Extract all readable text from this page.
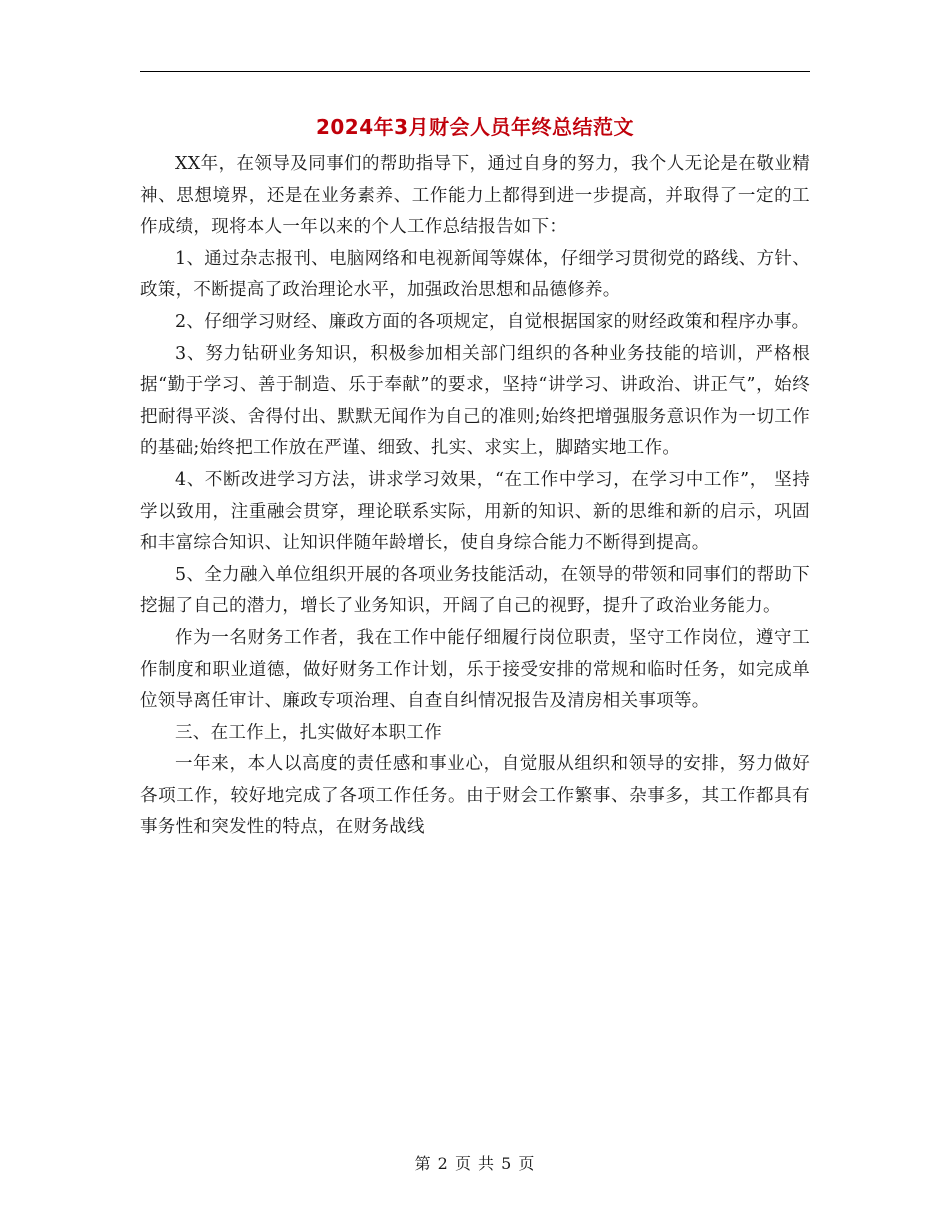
2024年3月财会人员年终总结范文

XX年，在领导及同事们的帮助指导下，通过自身的努力，我个人无论是在敬业精神、思想境界，还是在业务素养、工作能力上都得到进一步提高，并取得了一定的工作成绩，现将本人一年以来的个人工作总结报告如下：

1、通过杂志报刊、电脑网络和电视新闻等媒体，仔细学习贯彻党的路线、方针、政策，不断提高了政治理论水平，加强政治思想和品德修养。

2、仔细学习财经、廉政方面的各项规定，自觉根据国家的财经政策和程序办事。

3、努力钻研业务知识，积极参加相关部门组织的各种业务技能的培训，严格根据“勤于学习、善于制造、乐于奉献”的要求，坚持“讲学习、讲政治、讲正气”，始终把耐得平淡、舍得付出、默默无闻作为自己的准则;始终把增强服务意识作为一切工作的基础;始终把工作放在严谨、细致、扎实、求实上，脚踏实地工作。

4、不断改进学习方法，讲求学习效果，“在工作中学习，在学习中工作”， 坚持学以致用，注重融会贯穿，理论联系实际，用新的知识、新的思维和新的启示，巩固和丰富综合知识、让知识伴随年龄增长，使自身综合能力不断得到提高。

5、全力融入单位组织开展的各项业务技能活动，在领导的带领和同事们的帮助下挖掘了自己的潜力，增长了业务知识，开阔了自己的视野，提升了政治业务能力。

作为一名财务工作者，我在工作中能仔细履行岗位职责，坚守工作岗位，遵守工作制度和职业道德，做好财务工作计划，乐于接受安排的常规和临时任务，如完成单位领导离任审计、廉政专项治理、自查自纠情况报告及清房相关事项等。

三、在工作上，扎实做好本职工作

一年来，本人以高度的责任感和事业心，自觉服从组织和领导的安排，努力做好各项工作，较好地完成了各项工作任务。由于财会工作繁事、杂事多，其工作都具有事务性和突发性的特点，在财务战线

第 2 页 共 5 页
